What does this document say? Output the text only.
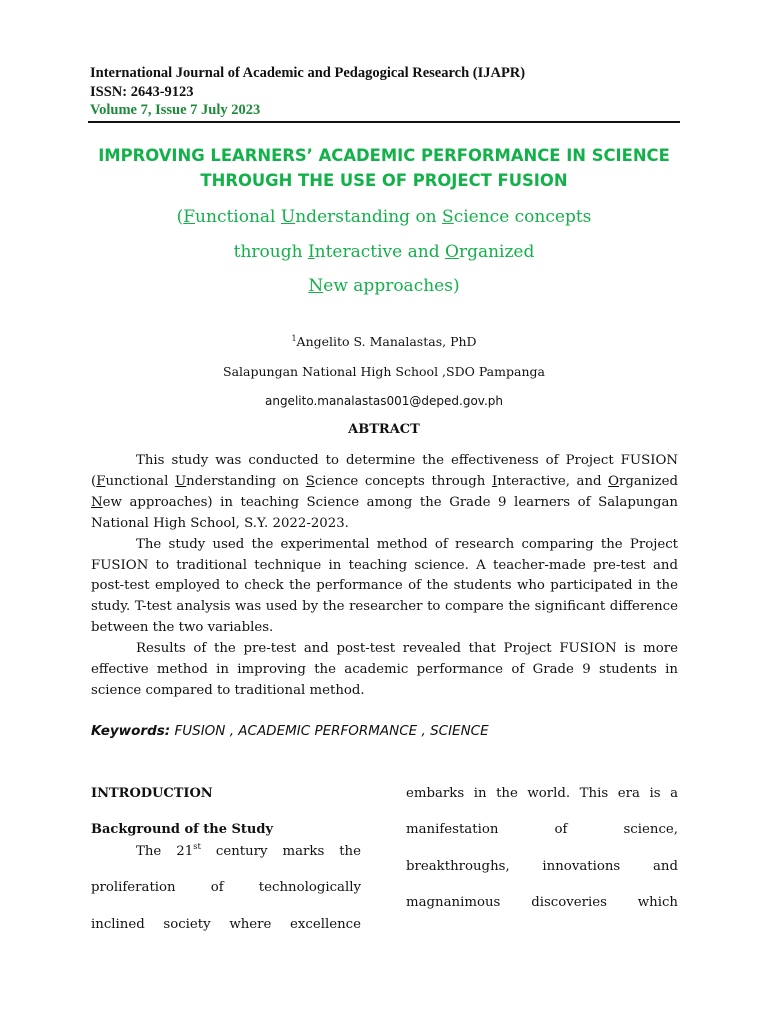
International Journal of Academic and Pedagogical Research (IJAPR)
ISSN: 2643-9123
Volume 7, Issue 7 July 2023
IMPROVING LEARNERS’ ACADEMIC PERFORMANCE IN SCIENCE
THROUGH THE USE OF PROJECT FUSION
(Functional Understanding on Science concepts
through Interactive and Organized
New approaches)
$^1$Angelito S. Manalastas, PhD
Salapungan National High School ,SDO Pampanga
angelito.manalastas001@deped.gov.ph
ABTRACT

This study was conducted to determine the effectiveness of Project FUSION (Functional Understanding on Science concepts through Interactive, and Organized New approaches) in teaching Science among the Grade 9 learners of Salapungan National High School, S.Y. 2022-2023.

The study used the experimental method of research comparing the Project FUSION to traditional technique in teaching science. A teacher-made pre-test and post-test employed to check the performance of the students who participated in the study. T-test analysis was used by the researcher to compare the significant difference between the two variables.

Results of the pre-test and post-test revealed that Project FUSION is more effective method in improving the academic performance of Grade 9 students in science compared to traditional method.

Keywords: FUSION , ACADEMIC PERFORMANCE , SCIENCE
INTRODUCTION
Background of the Study
The 21st century marks the
proliferation of technologically
inclined society where excellence
embarks in the world. This era is a
manifestation of science,
breakthroughs, innovations and
magnanimous discoveries which
